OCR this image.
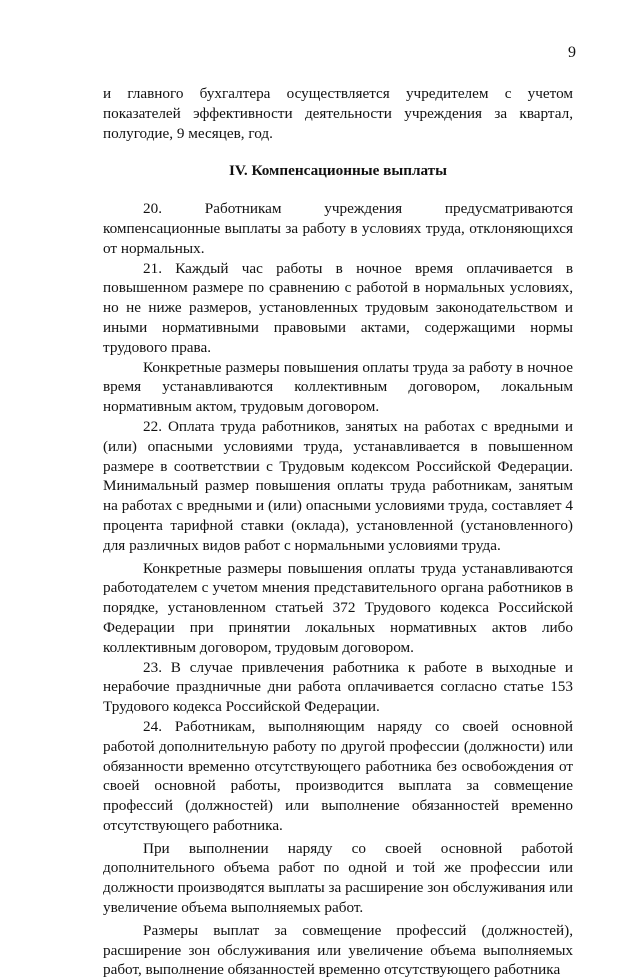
9

и главного бухгалтера осуществляется учредителем с учетом показателей эффективности деятельности учреждения за квартал, полугодие, 9 месяцев, год.

IV. Компенсационные выплаты

20. Работникам учреждения предусматриваются компенсационные выплаты за работу в условиях труда, отклоняющихся от нормальных.

21. Каждый час работы в ночное время оплачивается в повышенном размере по сравнению с работой в нормальных условиях, но не ниже размеров, установленных трудовым законодательством и иными нормативными правовыми актами, содержащими нормы трудового права.

Конкретные размеры повышения оплаты труда за работу в ночное время устанавливаются коллективным договором, локальным нормативным актом, трудовым договором.

22. Оплата труда работников, занятых на работах с вредными и (или) опасными условиями труда, устанавливается в повышенном размере в соответствии с Трудовым кодексом Российской Федерации. Минимальный размер повышения оплаты труда работникам, занятым на работах с вредными и (или) опасными условиями труда, составляет 4 процента тарифной ставки (оклада), установленной (установленного) для различных видов работ с нормальными условиями труда.

Конкретные размеры повышения оплаты труда устанавливаются работодателем с учетом мнения представительного органа работников в порядке, установленном статьей 372 Трудового кодекса Российской Федерации при принятии локальных нормативных актов либо коллективным договором, трудовым договором.

23. В случае привлечения работника к работе в выходные и нерабочие праздничные дни работа оплачивается согласно статье 153 Трудового кодекса Российской Федерации.

24. Работникам, выполняющим наряду со своей основной работой дополнительную работу по другой профессии (должности) или обязанности временно отсутствующего работника без освобождения от своей основной работы, производится выплата за совмещение профессий (должностей) или выполнение обязанностей временно отсутствующего работника.

При выполнении наряду со своей основной работой дополнительного объема работ по одной и той же профессии или должности производятся выплаты за расширение зон обслуживания или увеличение объема выполняемых работ.

Размеры выплат за совмещение профессий (должностей), расширение зон обслуживания или увеличение объема выполняемых работ, выполнение обязанностей временно отсутствующего работника
